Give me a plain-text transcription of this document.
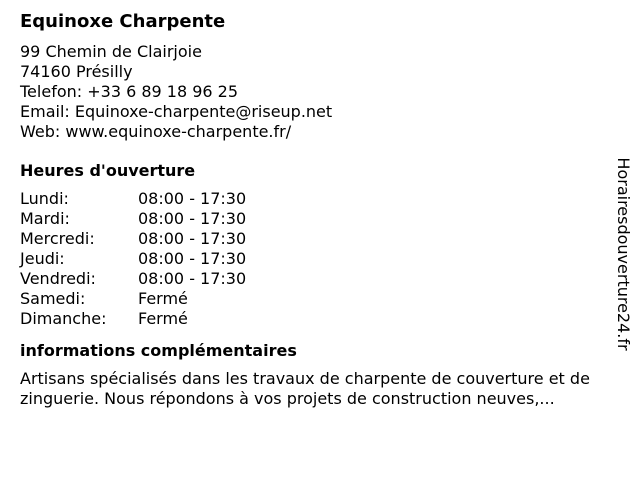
Equinoxe Charpente
99 Chemin de Clairjoie
74160 Présilly
Telefon: +33 6 89 18 96 25
Email: Equinoxe-charpente@riseup.net
Web: www.equinoxe-charpente.fr/
Heures d'ouverture
Lundi:	08:00 - 17:30
Mardi:	08:00 - 17:30
Mercredi:	08:00 - 17:30
Jeudi:	08:00 - 17:30
Vendredi:	08:00 - 17:30
Samedi:	Fermé
Dimanche:	Fermé
informations complémentaires
Artisans spécialisés dans les travaux de charpente de couverture et de zinguerie. Nous répondons à vos projets de construction neuves,...
Horairesdouverture24.fr
